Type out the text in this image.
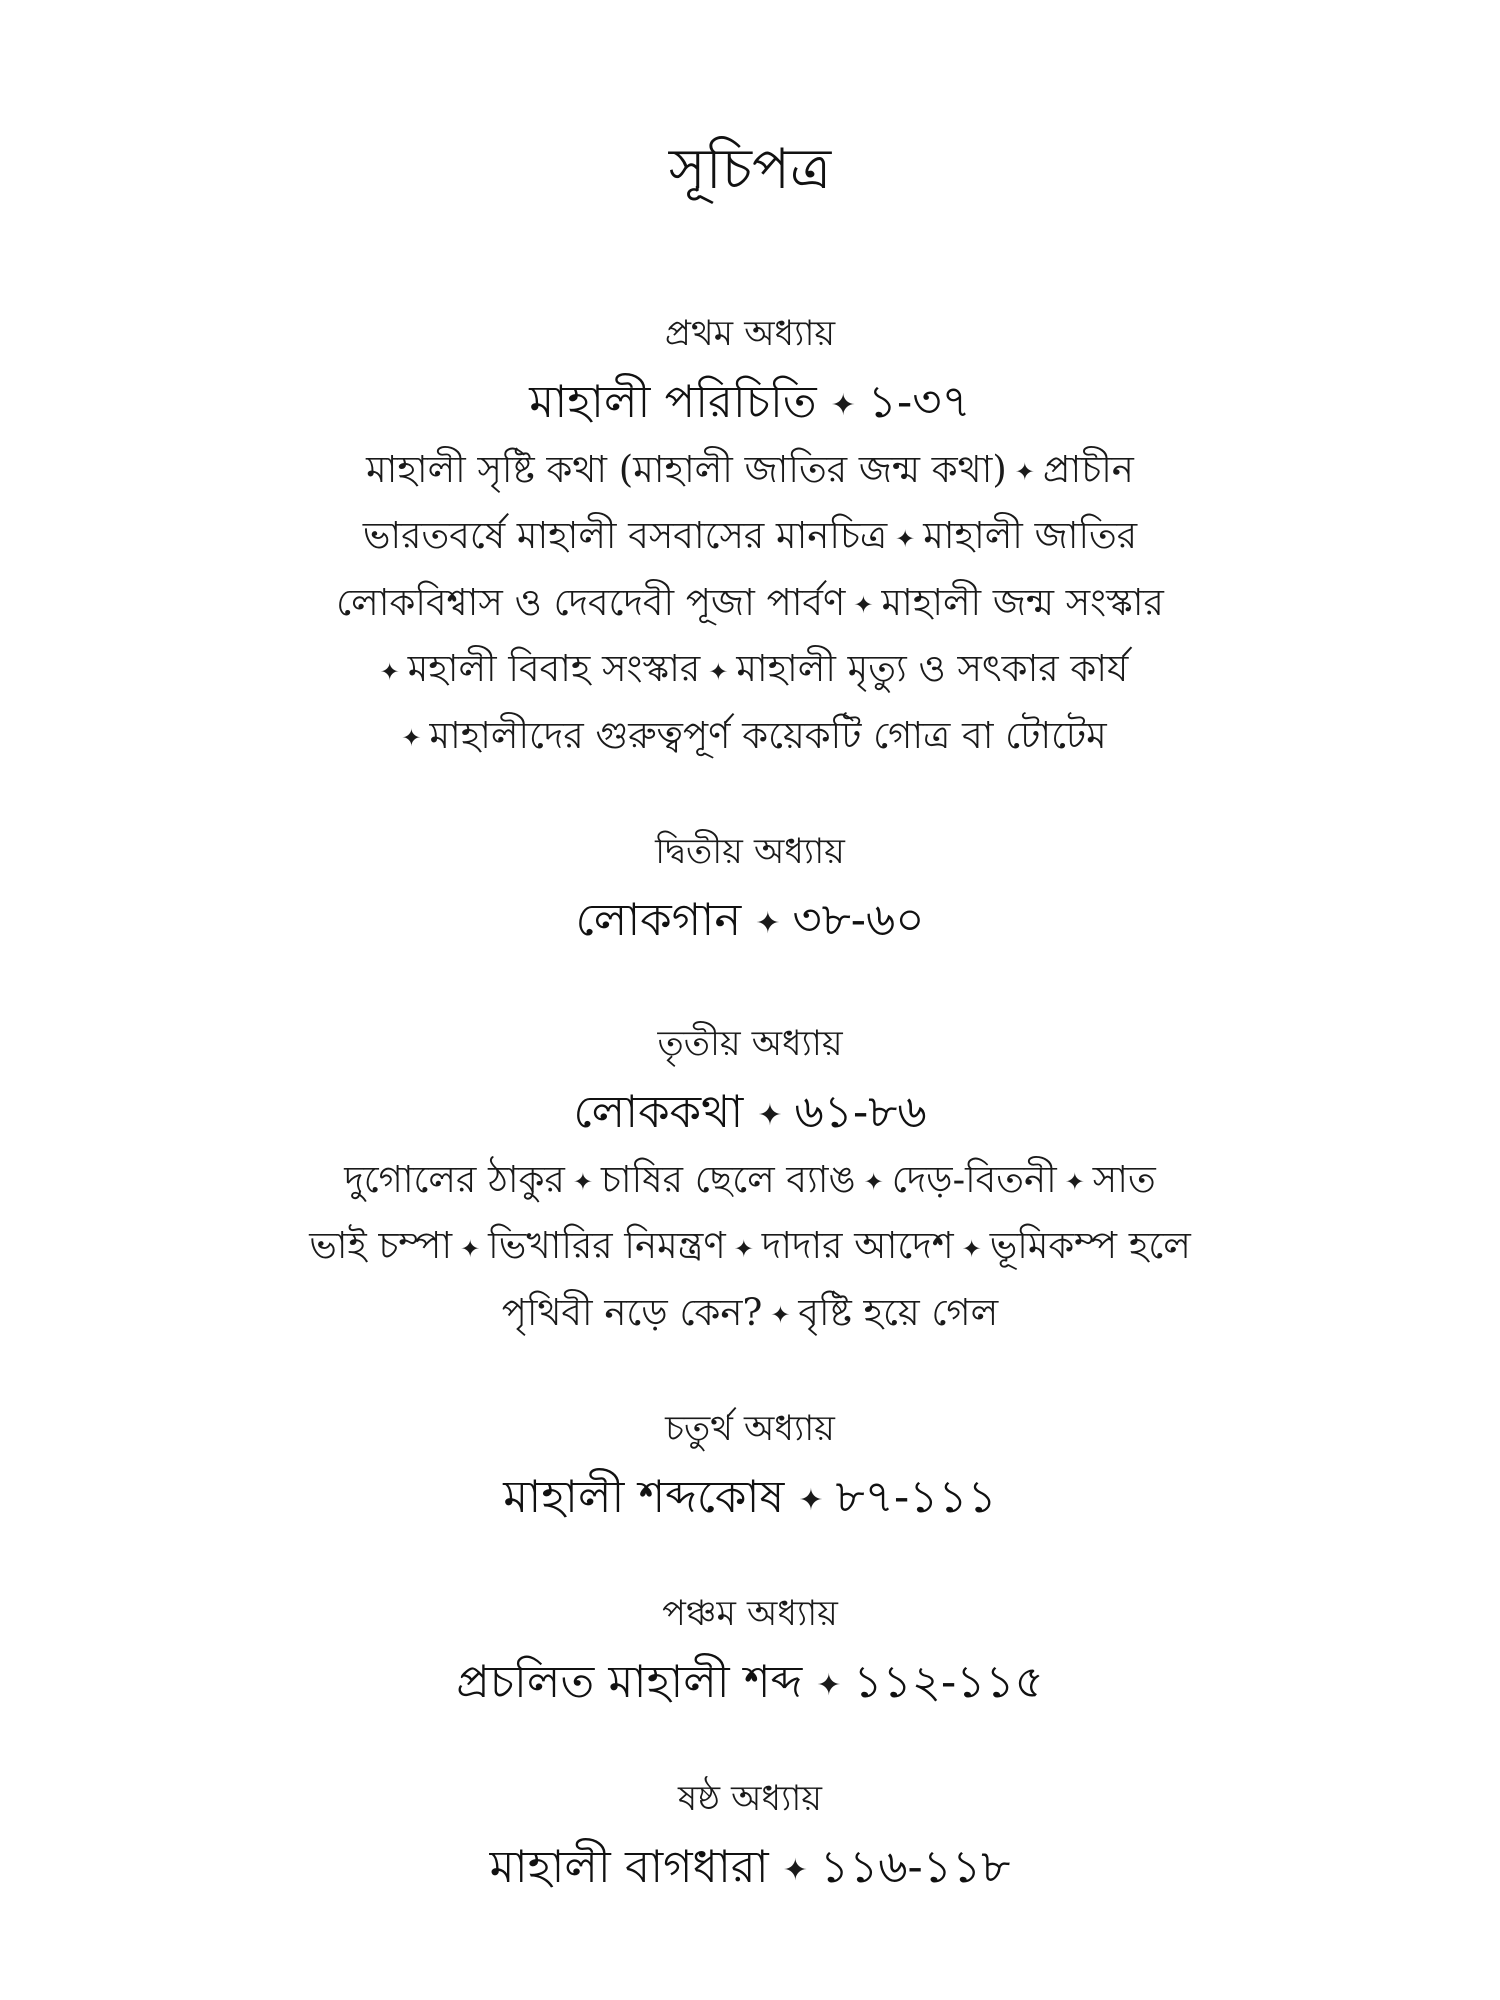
সূচিপত্র
প্রথম অধ্যায়
মাহালী পরিচিতি ✦ ১-৩৭
মাহালী সৃষ্টি কথা (মাহালী জাতির জন্ম কথা) ✦ প্রাচীন
ভারতবর্ষে মাহালী বসবাসের মানচিত্র ✦ মাহালী জাতির
লোকবিশ্বাস ও দেবদেবী পূজা পার্বণ ✦ মাহালী জন্ম সংস্কার
✦ মহালী বিবাহ সংস্কার ✦ মাহালী মৃত্যু ও সৎকার কার্য
✦ মাহালীদের গুরুত্বপূর্ণ কয়েকটি গোত্র বা টোটেম
দ্বিতীয় অধ্যায়
লোকগান ✦ ৩৮-৬০
তৃতীয় অধ্যায়
লোককথা ✦ ৬১-৮৬
দুগোলের ঠাকুর ✦ চাষির ছেলে ব্যাঙ ✦ দেড়-বিতনী ✦ সাত
ভাই চম্পা ✦ ভিখারির নিমন্ত্রণ ✦ দাদার আদেশ ✦ ভূমিকম্প হলে
পৃথিবী নড়ে কেন? ✦ বৃষ্টি হয়ে গেল
চতুর্থ অধ্যায়
মাহালী শব্দকোষ ✦ ৮৭-১১১
পঞ্চম অধ্যায়
প্রচলিত মাহালী শব্দ ✦ ১১২-১১৫
ষষ্ঠ অধ্যায়
মাহালী বাগধারা ✦ ১১৬-১১৮
